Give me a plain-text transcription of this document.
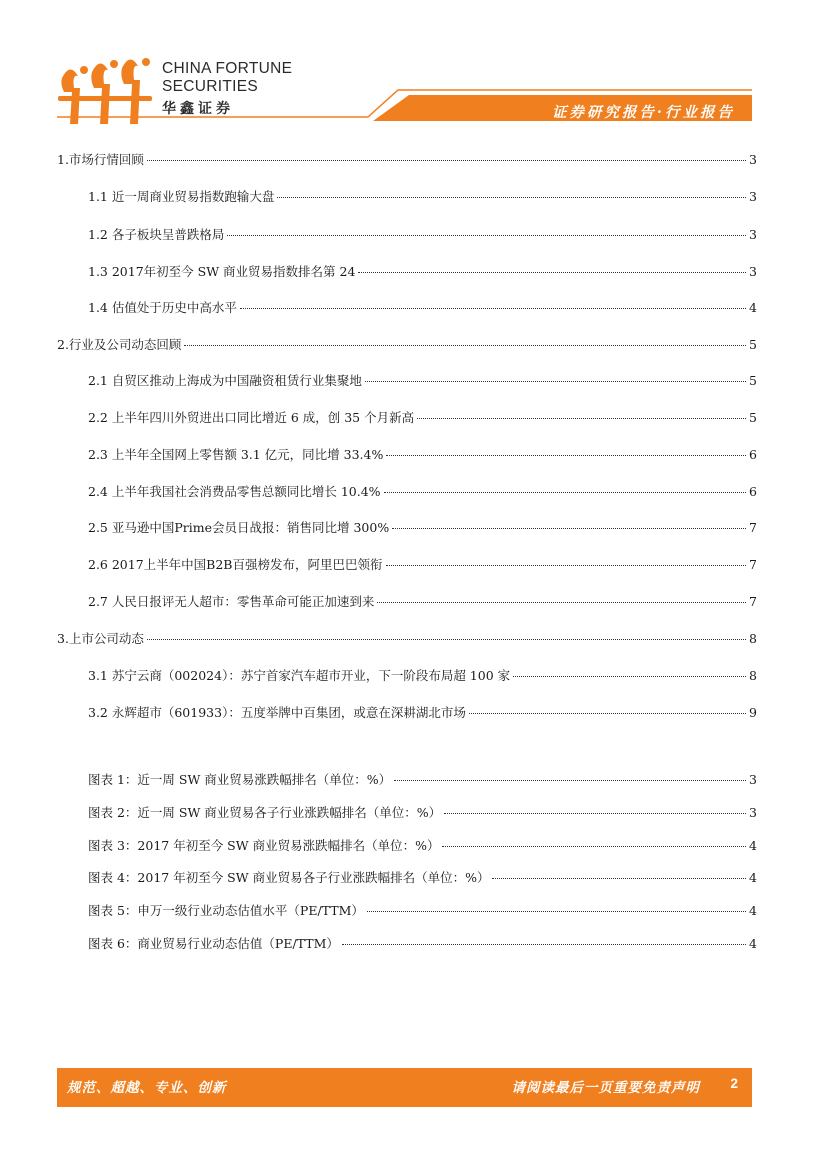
CHINA FORTUNE
SECURITIES
华鑫证券	证券研究报告·行业报告
1.市场行情回顾	3
1.1 近一周商业贸易指数跑输大盘	3
1.2 各子板块呈普跌格局	3
1.3 2017年初至今 SW 商业贸易指数排名第 24	3
1.4 估值处于历史中高水平	4
2.行业及公司动态回顾	5
2.1 自贸区推动上海成为中国融资租赁行业集聚地	5
2.2 上半年四川外贸进出口同比增近 6 成，创 35 个月新高	5
2.3 上半年全国网上零售额 3.1 亿元，同比增 33.4%	6
2.4 上半年我国社会消费品零售总额同比增长 10.4%	6
2.5 亚马逊中国Prime会员日战报：销售同比增 300%	7
2.6 2017上半年中国B2B百强榜发布，阿里巴巴领衔	7
2.7 人民日报评无人超市：零售革命可能正加速到来	7
3.上市公司动态	8
3.1 苏宁云商（002024）：苏宁首家汽车超市开业，下一阶段布局超 100 家	8
3.2 永辉超市（601933）：五度举牌中百集团，或意在深耕湖北市场	9
图表 1：近一周 SW 商业贸易涨跌幅排名（单位：%）	3
图表 2：近一周 SW 商业贸易各子行业涨跌幅排名（单位：%）	3
图表 3：2017 年初至今 SW 商业贸易涨跌幅排名（单位：%）	4
图表 4：2017 年初至今 SW 商业贸易各子行业涨跌幅排名（单位：%）	4
图表 5：申万一级行业动态估值水平（PE/TTM）	4
图表 6：商业贸易行业动态估值（PE/TTM）	4
规范、超越、专业、创新	请阅读最后一页重要免责声明 2
